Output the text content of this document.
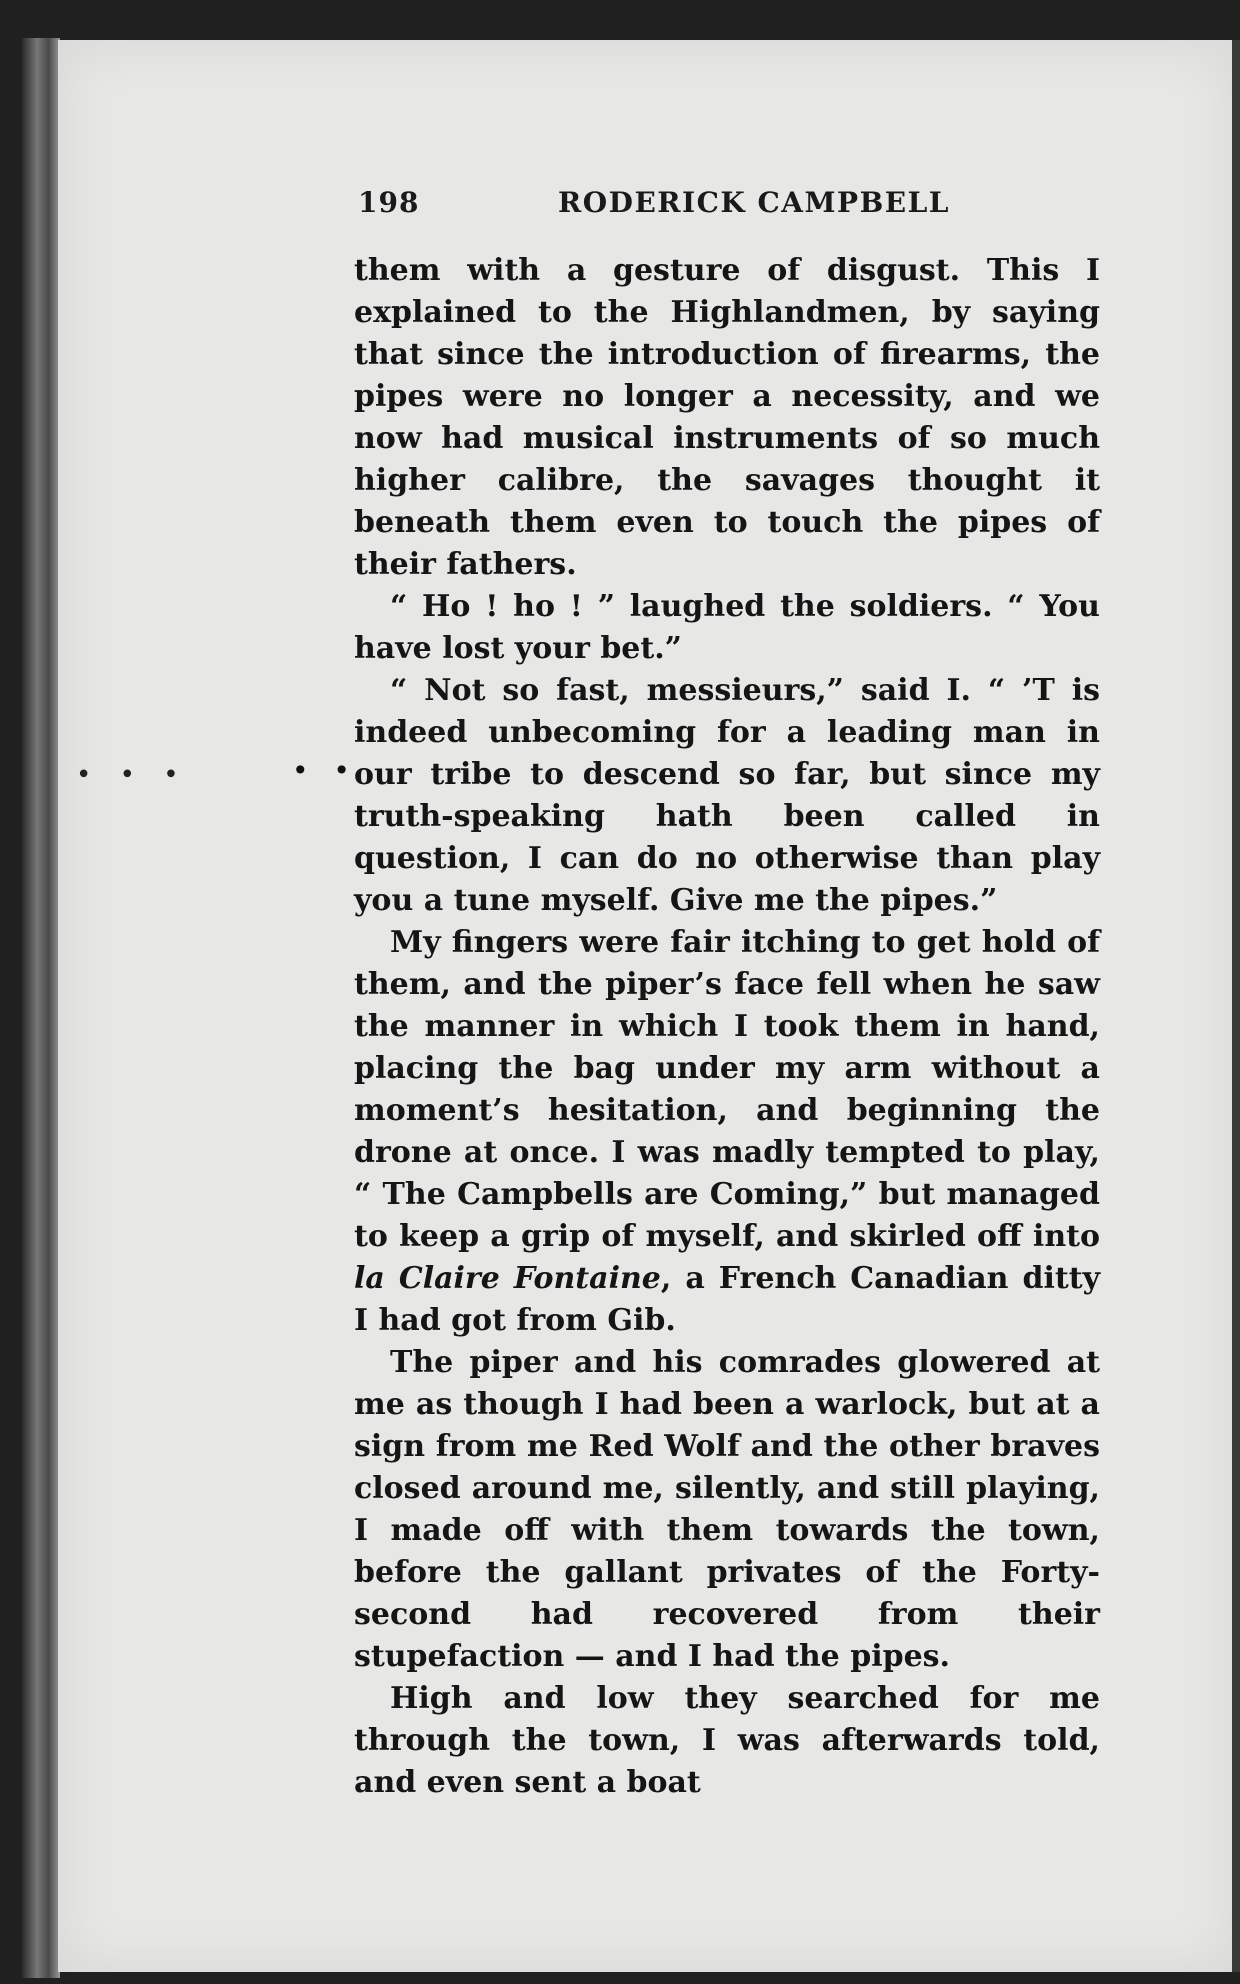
198	RODERICK CAMPBELL
• • •	• •

them with a gesture of disgust. This I explained to the Highlandmen, by saying that since the introduction of firearms, the pipes were no longer a necessity, and we now had musical instruments of so much higher calibre, the savages thought it beneath them even to touch the pipes of their fathers.

“ Ho ! ho ! ” laughed the soldiers. “ You have lost your bet.”

“ Not so fast, messieurs,” said I. “ ’T is indeed unbecoming for a leading man in our tribe to descend so far, but since my truth-speaking hath been called in question, I can do no otherwise than play you a tune myself. Give me the pipes.”

My fingers were fair itching to get hold of them, and the piper’s face fell when he saw the manner in which I took them in hand, placing the bag under my arm without a moment’s hesitation, and beginning the drone at once. I was madly tempted to play, “ The Campbells are Coming,” but managed to keep a grip of myself, and skirled off into la Claire Fontaine, a French Canadian ditty I had got from Gib.

The piper and his comrades glowered at me as though I had been a warlock, but at a sign from me Red Wolf and the other braves closed around me, silently, and still playing, I made off with them towards the town, before the gallant privates of the Forty-second had recovered from their stupefaction — and I had the pipes.

High and low they searched for me through the town, I was afterwards told, and even sent a boat
